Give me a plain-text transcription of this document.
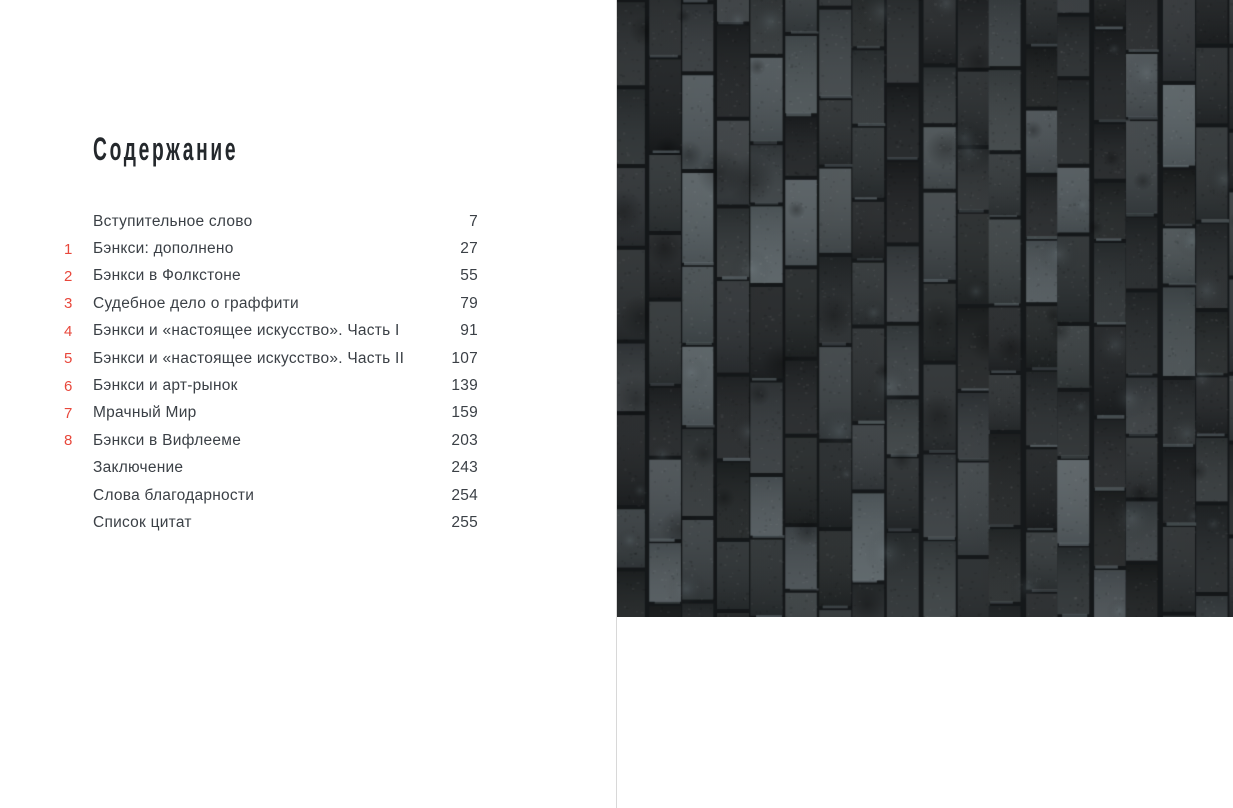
Содержание
Вступительное слово	7
1	Бэнкси: дополнено	27
2	Бэнкси в Фолкстоне	55
3	Судебное дело о граффити	79
4	Бэнкси и «настоящее искусство». Часть I	91
5	Бэнкси и «настоящее искусство». Часть II	107
6	Бэнкси и арт-рынок	139
7	Мрачный Мир	159
8	Бэнкси в Вифлееме	203
Заключение	243
Слова благодарности	254
Список цитат	255
